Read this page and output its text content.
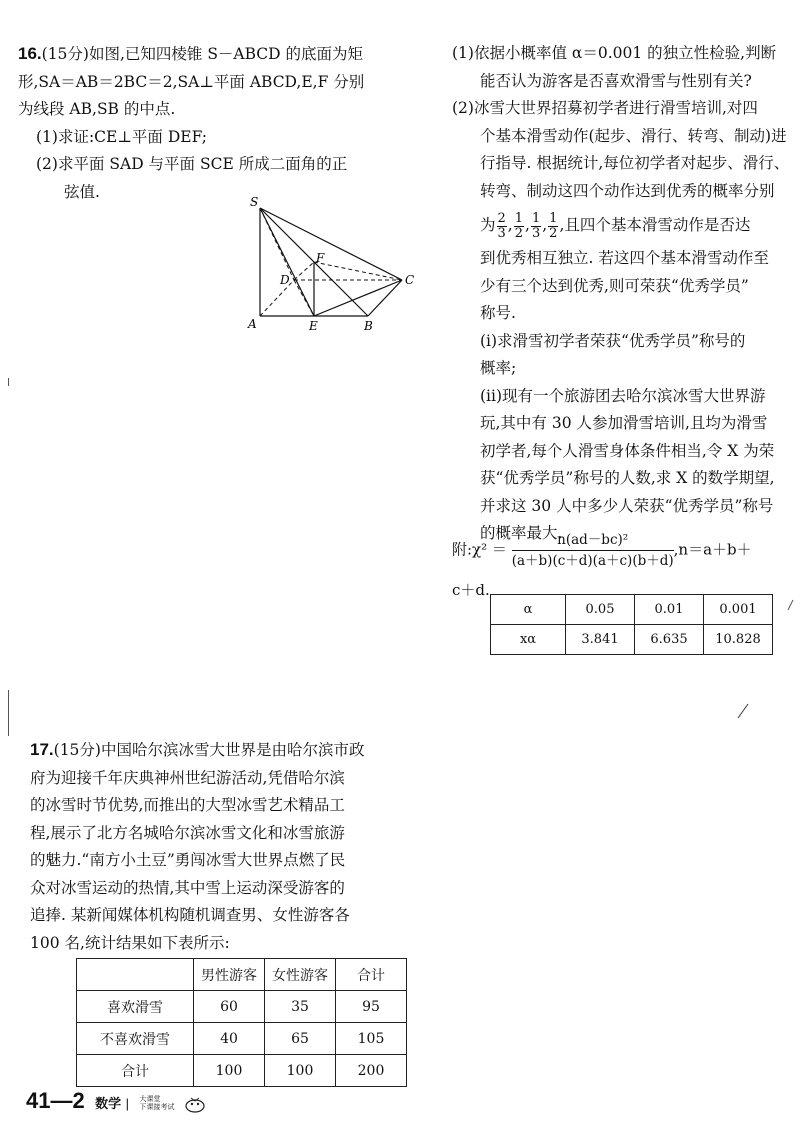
16.(15分)如图,已知四棱锥 S－ABCD 的底面为矩
形,SA＝AB＝2BC＝2,SA⊥平面 ABCD,E,F 分别
为线段 AB,SB 的中点.
(1)求证:CE⊥平面 DEF;
(2)求平面 SAD 与平面 SCE 所成二面角的正
弦值.
S
A	B
C
D
E
F
(1)依据小概率值 α＝0.001 的独立性检验,判断
能否认为游客是否喜欢滑雪与性别有关?
(2)冰雪大世界招募初学者进行滑雪培训,对四
个基本滑雪动作(起步、滑行、转弯、制动)进
行指导. 根据统计,每位初学者对起步、滑行、
转弯、制动这四个动作达到优秀的概率分别
为 $\frac{2}{3}$ , $\frac{1}{2}$ , $\frac{1}{3}$ , $\frac{1}{2}$ ,且四个基本滑雪动作是否达
到优秀相互独立. 若这四个基本滑雪动作至
少有三个达到优秀,则可荣获“优秀学员”
称号.
(i)求滑雪初学者荣获“优秀学员”称号的
概率;
(ii)现有一个旅游团去哈尔滨冰雪大世界游
玩,其中有 30 人参加滑雪培训,且均为滑雪
初学者,每个人滑雪身体条件相当,令 X 为荣
获“优秀学员”称号的人数,求 X 的数学期望,
并求这 30 人中多少人荣获“优秀学员”称号
的概率最大.
附:χ² ＝ $\frac{\text{n(ad－bc)²}}{(a+b)(c+d)(a+c)(b+d)} ,n=a+b+$
c＋d.
α	0.05	0.01	0.001
xα	3.841	6.635	10.828
17.(15分)中国哈尔滨冰雪大世界是由哈尔滨市政
府为迎接千年庆典神州世纪游活动,凭借哈尔滨
的冰雪时节优势,而推出的大型冰雪艺术精品工
程,展示了北方名城哈尔滨冰雪文化和冰雪旅游
的魅力.“南方小土豆”勇闯冰雪大世界点燃了民
众对冰雪运动的热情,其中雪上运动深受游客的
追捧. 某新闻媒体机构随机调查男、女性游客各
100 名,统计结果如下表所示:
	男性游客	女性游客	合计
喜欢滑雪	60	35	95
不喜欢滑雪	40	65	105
合计	100	100	200
41—2 数学 | 大课堂
下课接考试
